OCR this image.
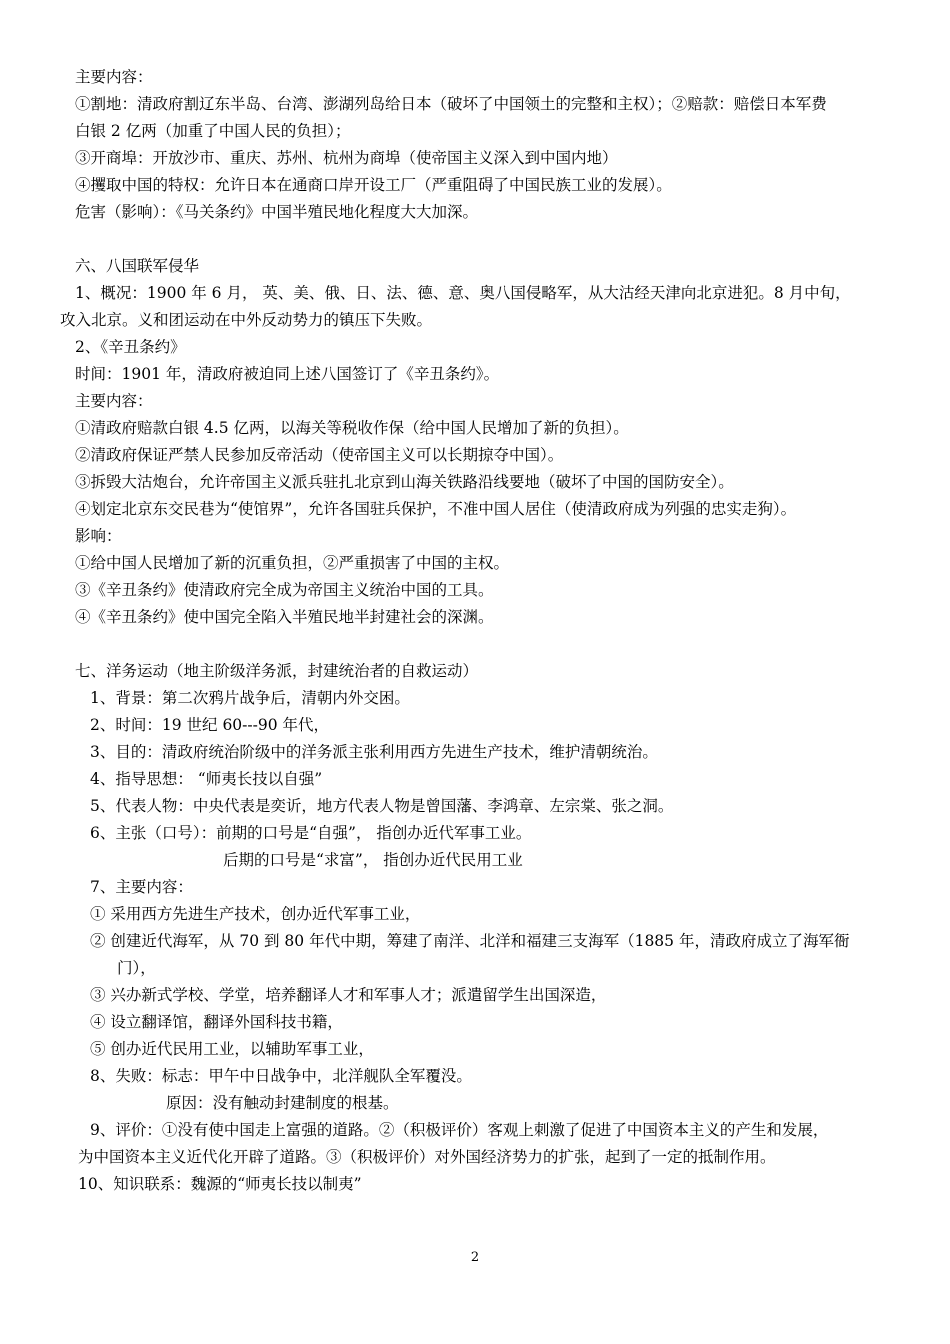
主要内容：
①割地：清政府割辽东半岛、台湾、澎湖列岛给日本（破坏了中国领土的完整和主权）；②赔款：赔偿日本军费
白银 2 亿两（加重了中国人民的负担）；
③开商埠：开放沙市、重庆、苏州、杭州为商埠（使帝国主义深入到中国内地）
④攫取中国的特权：允许日本在通商口岸开设工厂（严重阻碍了中国民族工业的发展）。
危害（影响）：《马关条约》中国半殖民地化程度大大加深。
六、八国联军侵华
1、概况：1900 年 6 月， 英、美、俄、日、法、德、意、奥八国侵略军，从大沽经天津向北京进犯。8 月中旬，
攻入北京。义和团运动在中外反动势力的镇压下失败。
2、《辛丑条约》
时间：1901 年，清政府被迫同上述八国签订了《辛丑条约》。
主要内容：
①清政府赔款白银 4.5 亿两，以海关等税收作保（给中国人民增加了新的负担）。
②清政府保证严禁人民参加反帝活动（使帝国主义可以长期掠夺中国）。
③拆毁大沽炮台，允许帝国主义派兵驻扎北京到山海关铁路沿线要地（破坏了中国的国防安全）。
④划定北京东交民巷为“使馆界”，允许各国驻兵保护，不准中国人居住（使清政府成为列强的忠实走狗）。
影响：
①给中国人民增加了新的沉重负担，②严重损害了中国的主权。
③《辛丑条约》使清政府完全成为帝国主义统治中国的工具。
④《辛丑条约》使中国完全陷入半殖民地半封建社会的深渊。
七、洋务运动（地主阶级洋务派，封建统治者的自救运动）
1、背景：第二次鸦片战争后，清朝内外交困。
2、时间：19 世纪 60---90 年代，
3、目的：清政府统治阶级中的洋务派主张利用西方先进生产技术，维护清朝统治。
4、指导思想： “师夷长技以自强”
5、代表人物：中央代表是奕䜣，地方代表人物是曾国藩、李鸿章、左宗棠、张之洞。
6、主张（口号）：前期的口号是“自强”， 指创办近代军事工业。
后期的口号是“求富”， 指创办近代民用工业
7、主要内容：
① 采用西方先进生产技术，创办近代军事工业，
② 创建近代海军，从 70 到 80 年代中期，筹建了南洋、北洋和福建三支海军（1885 年，清政府成立了海军衙
门），
③ 兴办新式学校、学堂，培养翻译人才和军事人才；派遣留学生出国深造，
④ 设立翻译馆，翻译外国科技书籍，
⑤ 创办近代民用工业，以辅助军事工业，
8、失败：标志：甲午中日战争中，北洋舰队全军覆没。
原因：没有触动封建制度的根基。
9、评价：①没有使中国走上富强的道路。②（积极评价）客观上刺激了促进了中国资本主义的产生和发展，
为中国资本主义近代化开辟了道路。③（积极评价）对外国经济势力的扩张，起到了一定的抵制作用。
10、知识联系：魏源的“师夷长技以制夷”
2
